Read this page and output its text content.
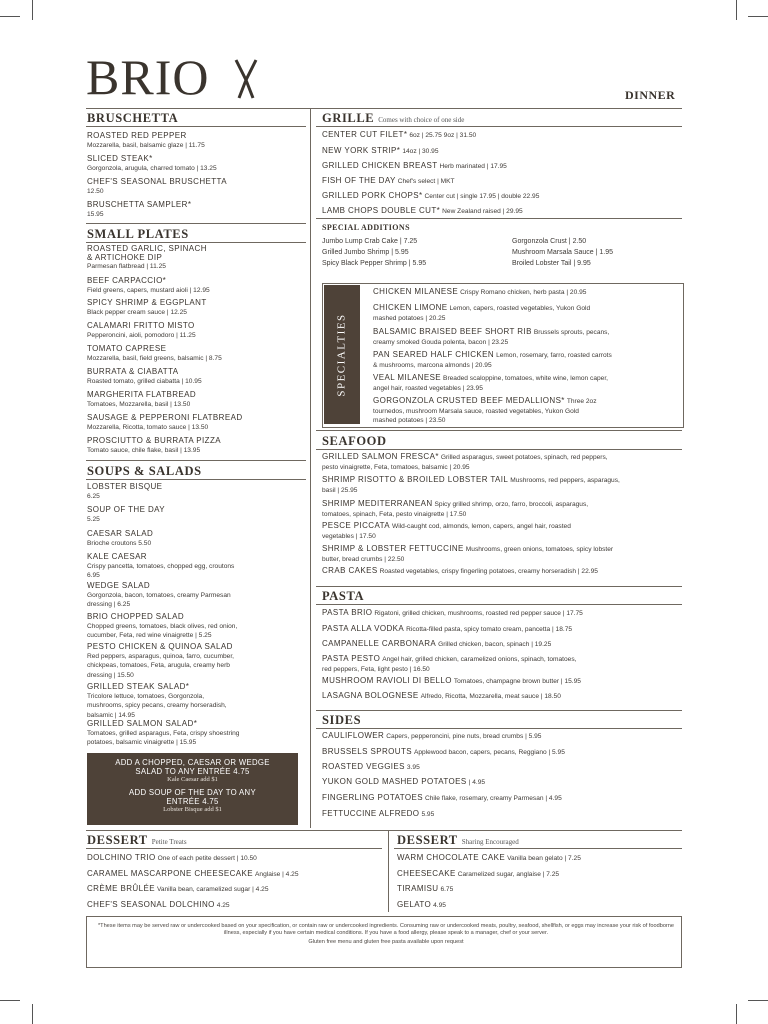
BRIO	DINNER
BRUSCHETTA
SMALL PLATES
SOUPS & SALADS
GRILLE Comes with choice of one side
SPECIAL ADDITIONS
SEAFOOD
PASTA
SIDES
SPECIALTIES
ADD A CHOPPED, CAESAR OR WEDGE
SALAD TO ANY ENTRÉE 4.75
Kale Caesar add $1
ADD SOUP OF THE DAY TO ANY
ENTRÉE 4.75
Lobster Bisque add $1
DESSERT Petite Treats	DESSERT Sharing Encouraged
*These items may be served raw or undercooked based on your specification, or contain raw or undercooked ingredients. Consuming raw or undercooked meats, poultry, seafood, shellfish, or eggs may increase your risk of foodborne illness, especially if you have certain medical conditions. If you have a food allergy, please speak to a manager, chef or your server.
Gluten free menu and gluten free pasta available upon request
ROASTED RED PEPPER
Mozzarella, basil, balsamic glaze | 11.75
SLICED STEAK*
Gorgonzola, arugula, charred tomato | 13.25
CHEF'S SEASONAL BRUSCHETTA
12.50
BRUSCHETTA SAMPLER*
15.95
ROASTED GARLIC, SPINACH
& ARTICHOKE DIP
Parmesan flatbread | 11.25
BEEF CARPACCIO*
Field greens, capers, mustard aioli | 12.95
SPICY SHRIMP & EGGPLANT
Black pepper cream sauce | 12.25
CALAMARI FRITTO MISTO
Pepperoncini, aioli, pomodoro | 11.25
TOMATO CAPRESE
Mozzarella, basil, field greens, balsamic | 8.75
BURRATA & CIABATTA
Roasted tomato, grilled ciabatta | 10.95
MARGHERITA FLATBREAD
Tomatoes, Mozzarella, basil | 13.50
SAUSAGE & PEPPERONI FLATBREAD
Mozzarella, Ricotta, tomato sauce | 13.50
PROSCIUTTO & BURRATA PIZZA
Tomato sauce, chile flake, basil | 13.95
LOBSTER BISQUE
6.25
SOUP OF THE DAY
5.25
CAESAR SALAD
Brioche croutons 5.50
KALE CAESAR
Crispy pancetta, tomatoes, chopped egg, croutons
6.95
WEDGE SALAD
Gorgonzola, bacon, tomatoes, creamy Parmesan
dressing | 6.25
BRIO CHOPPED SALAD
Chopped greens, tomatoes, black olives, red onion,
cucumber, Feta, red wine vinaigrette | 5.25
PESTO CHICKEN & QUINOA SALAD
Red peppers, asparagus, quinoa, farro, cucumber,
chickpeas, tomatoes, Feta, arugula, creamy herb
dressing | 15.50
GRILLED STEAK SALAD*
Tricolore lettuce, tomatoes, Gorgonzola,
mushrooms, spicy pecans, creamy horseradish,
balsamic | 14.95
GRILLED SALMON SALAD*
Tomatoes, grilled asparagus, Feta, crispy shoestring
potatoes, balsamic vinaigrette | 15.95
CENTER CUT FILET* 6oz | 25.75 9oz | 31.50
NEW YORK STRIP* 14oz | 30.95
GRILLED CHICKEN BREAST Herb marinated | 17.95
FISH OF THE DAY Chef's select | MKT
GRILLED PORK CHOPS* Center cut | single 17.95 | double 22.95
LAMB CHOPS DOUBLE CUT* New Zealand raised | 29.95
CHICKEN MILANESE Crispy Romano chicken, herb pasta | 20.95
CHICKEN LIMONE Lemon, capers, roasted vegetables, Yukon Gold
mashed potatoes | 20.25
BALSAMIC BRAISED BEEF SHORT RIB Brussels sprouts, pecans,
creamy smoked Gouda polenta, bacon | 23.25
PAN SEARED HALF CHICKEN Lemon, rosemary, farro, roasted carrots
& mushrooms, marcona almonds | 20.95
VEAL MILANESE Breaded scaloppine, tomatoes, white wine, lemon caper,
angel hair, roasted vegetables | 23.95
GORGONZOLA CRUSTED BEEF MEDALLIONS* Three 2oz
tournedos, mushroom Marsala sauce, roasted vegetables, Yukon Gold
mashed potatoes | 23.50
GRILLED SALMON FRESCA* Grilled asparagus, sweet potatoes, spinach, red peppers,
pesto vinaigrette, Feta, tomatoes, balsamic | 20.95
SHRIMP RISOTTO & BROILED LOBSTER TAIL Mushrooms, red peppers, asparagus,
basil | 25.95
SHRIMP MEDITERRANEAN Spicy grilled shrimp, orzo, farro, broccoli, asparagus,
tomatoes, spinach, Feta, pesto vinaigrette | 17.50
PESCE PICCATA Wild-caught cod, almonds, lemon, capers, angel hair, roasted
vegetables | 17.50
SHRIMP & LOBSTER FETTUCCINE Mushrooms, green onions, tomatoes, spicy lobster
butter, bread crumbs | 22.50
CRAB CAKES Roasted vegetables, crispy fingerling potatoes, creamy horseradish | 22.95
PASTA BRIO Rigatoni, grilled chicken, mushrooms, roasted red pepper sauce | 17.75
PASTA ALLA VODKA Ricotta-filled pasta, spicy tomato cream, pancetta | 18.75
CAMPANELLE CARBONARA Grilled chicken, bacon, spinach | 19.25
PASTA PESTO Angel hair, grilled chicken, caramelized onions, spinach, tomatoes,
red peppers, Feta, light pesto | 16.50
MUSHROOM RAVIOLI DI BELLO Tomatoes, champagne brown butter | 15.95
LASAGNA BOLOGNESE Alfredo, Ricotta, Mozzarella, meat sauce | 18.50
CAULIFLOWER Capers, pepperoncini, pine nuts, bread crumbs | 5.95
BRUSSELS SPROUTS Applewood bacon, capers, pecans, Reggiano | 5.95
ROASTED VEGGIES 3.95
YUKON GOLD MASHED POTATOES | 4.95
FINGERLING POTATOES Chile flake, rosemary, creamy Parmesan | 4.95
FETTUCCINE ALFREDO 5.95
DOLCHINO TRIO One of each petite dessert | 10.50
CARAMEL MASCARPONE CHEESECAKE Anglaise | 4.25
CRÈME BRÛLÉE Vanilla bean, caramelized sugar | 4.25
CHEF'S SEASONAL DOLCHINO 4.25
WARM CHOCOLATE CAKE Vanilla bean gelato | 7.25
CHEESECAKE Caramelized sugar, anglaise | 7.25
TIRAMISU 6.75
GELATO 4.95
Jumbo Lump Crab Cake | 7.25
Grilled Jumbo Shrimp | 5.95
Spicy Black Pepper Shrimp | 5.95
Gorgonzola Crust | 2.50
Mushroom Marsala Sauce | 1.95
Broiled Lobster Tail | 9.95
